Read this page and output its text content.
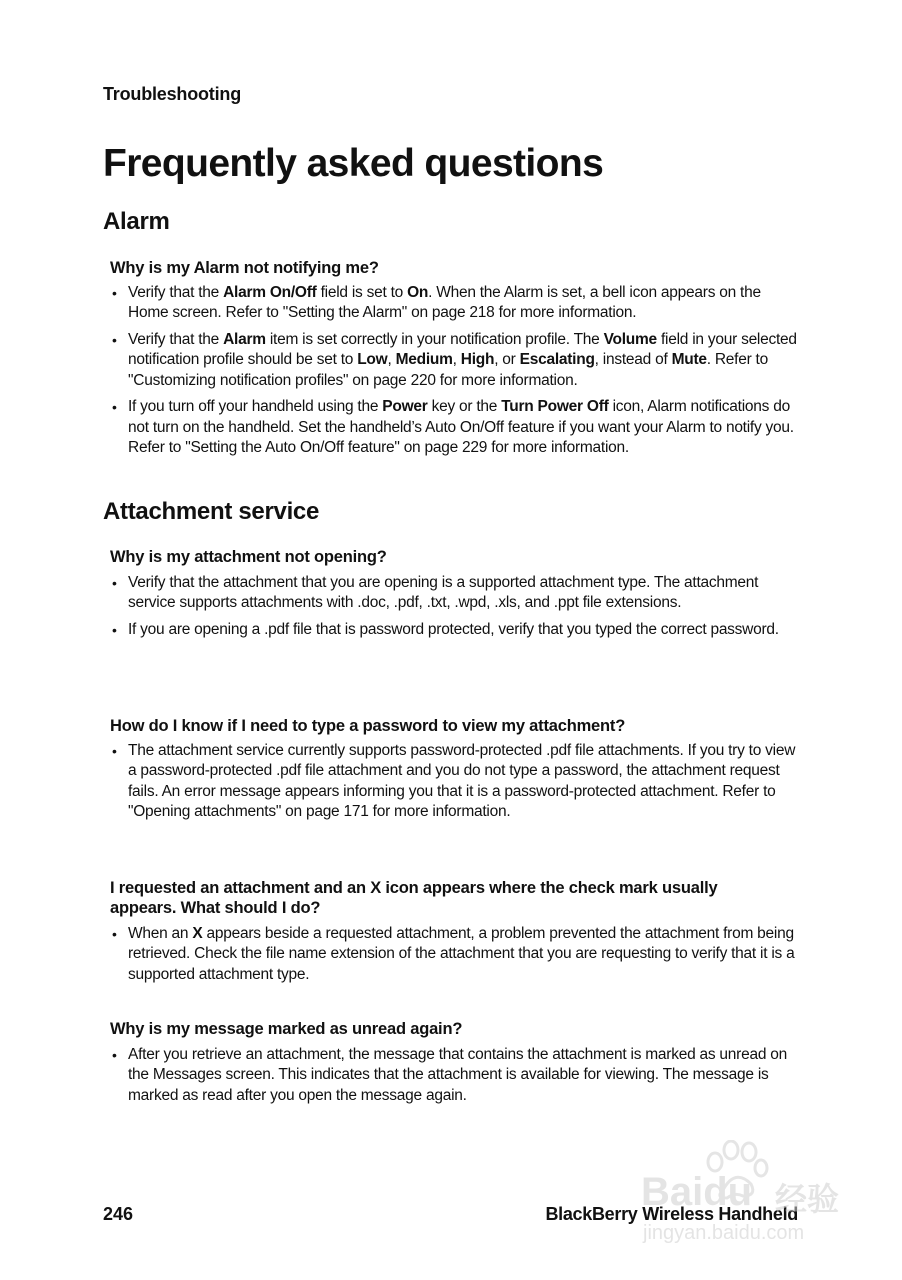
Troubleshooting
Frequently asked questions
Alarm
Why is my Alarm not notifying me?
• Verify that the Alarm On/Off field is set to On. When the Alarm is set, a bell icon appears on the Home screen. Refer to "Setting the Alarm" on page 218 for more information.
• Verify that the Alarm item is set correctly in your notification profile. The Volume field in your selected notification profile should be set to Low, Medium, High, or Escalating, instead of Mute. Refer to "Customizing notification profiles" on page 220 for more information.
• If you turn off your handheld using the Power key or the Turn Power Off icon, Alarm notifications do not turn on the handheld. Set the handheld’s Auto On/Off feature if you want your Alarm to notify you. Refer to "Setting the Auto On/Off feature" on page 229 for more information.
Attachment service
Why is my attachment not opening?
• Verify that the attachment that you are opening is a supported attachment type. The attachment service supports attachments with .doc, .pdf, .txt, .wpd, .xls, and .ppt file extensions.
• If you are opening a .pdf file that is password protected, verify that you typed the correct password.
How do I know if I need to type a password to view my attachment?
• The attachment service currently supports password-protected .pdf file attachments. If you try to view a password-protected .pdf file attachment and you do not type a password, the attachment request fails. An error message appears informing you that it is a password-protected attachment. Refer to "Opening attachments" on page 171 for more information.
I requested an attachment and an X icon appears where the check mark usually appears. What should I do?
• When an X appears beside a requested attachment, a problem prevented the attachment from being retrieved. Check the file name extension of the attachment that you are requesting to verify that it is a supported attachment type.
Why is my message marked as unread again?
• After you retrieve an attachment, the message that contains the attachment is marked as unread on the Messages screen. This indicates that the attachment is available for viewing. The message is marked as read after you open the message again.
246	BlackBerry Wireless Handheld
Baidu 经验
jingyan.baidu.com
